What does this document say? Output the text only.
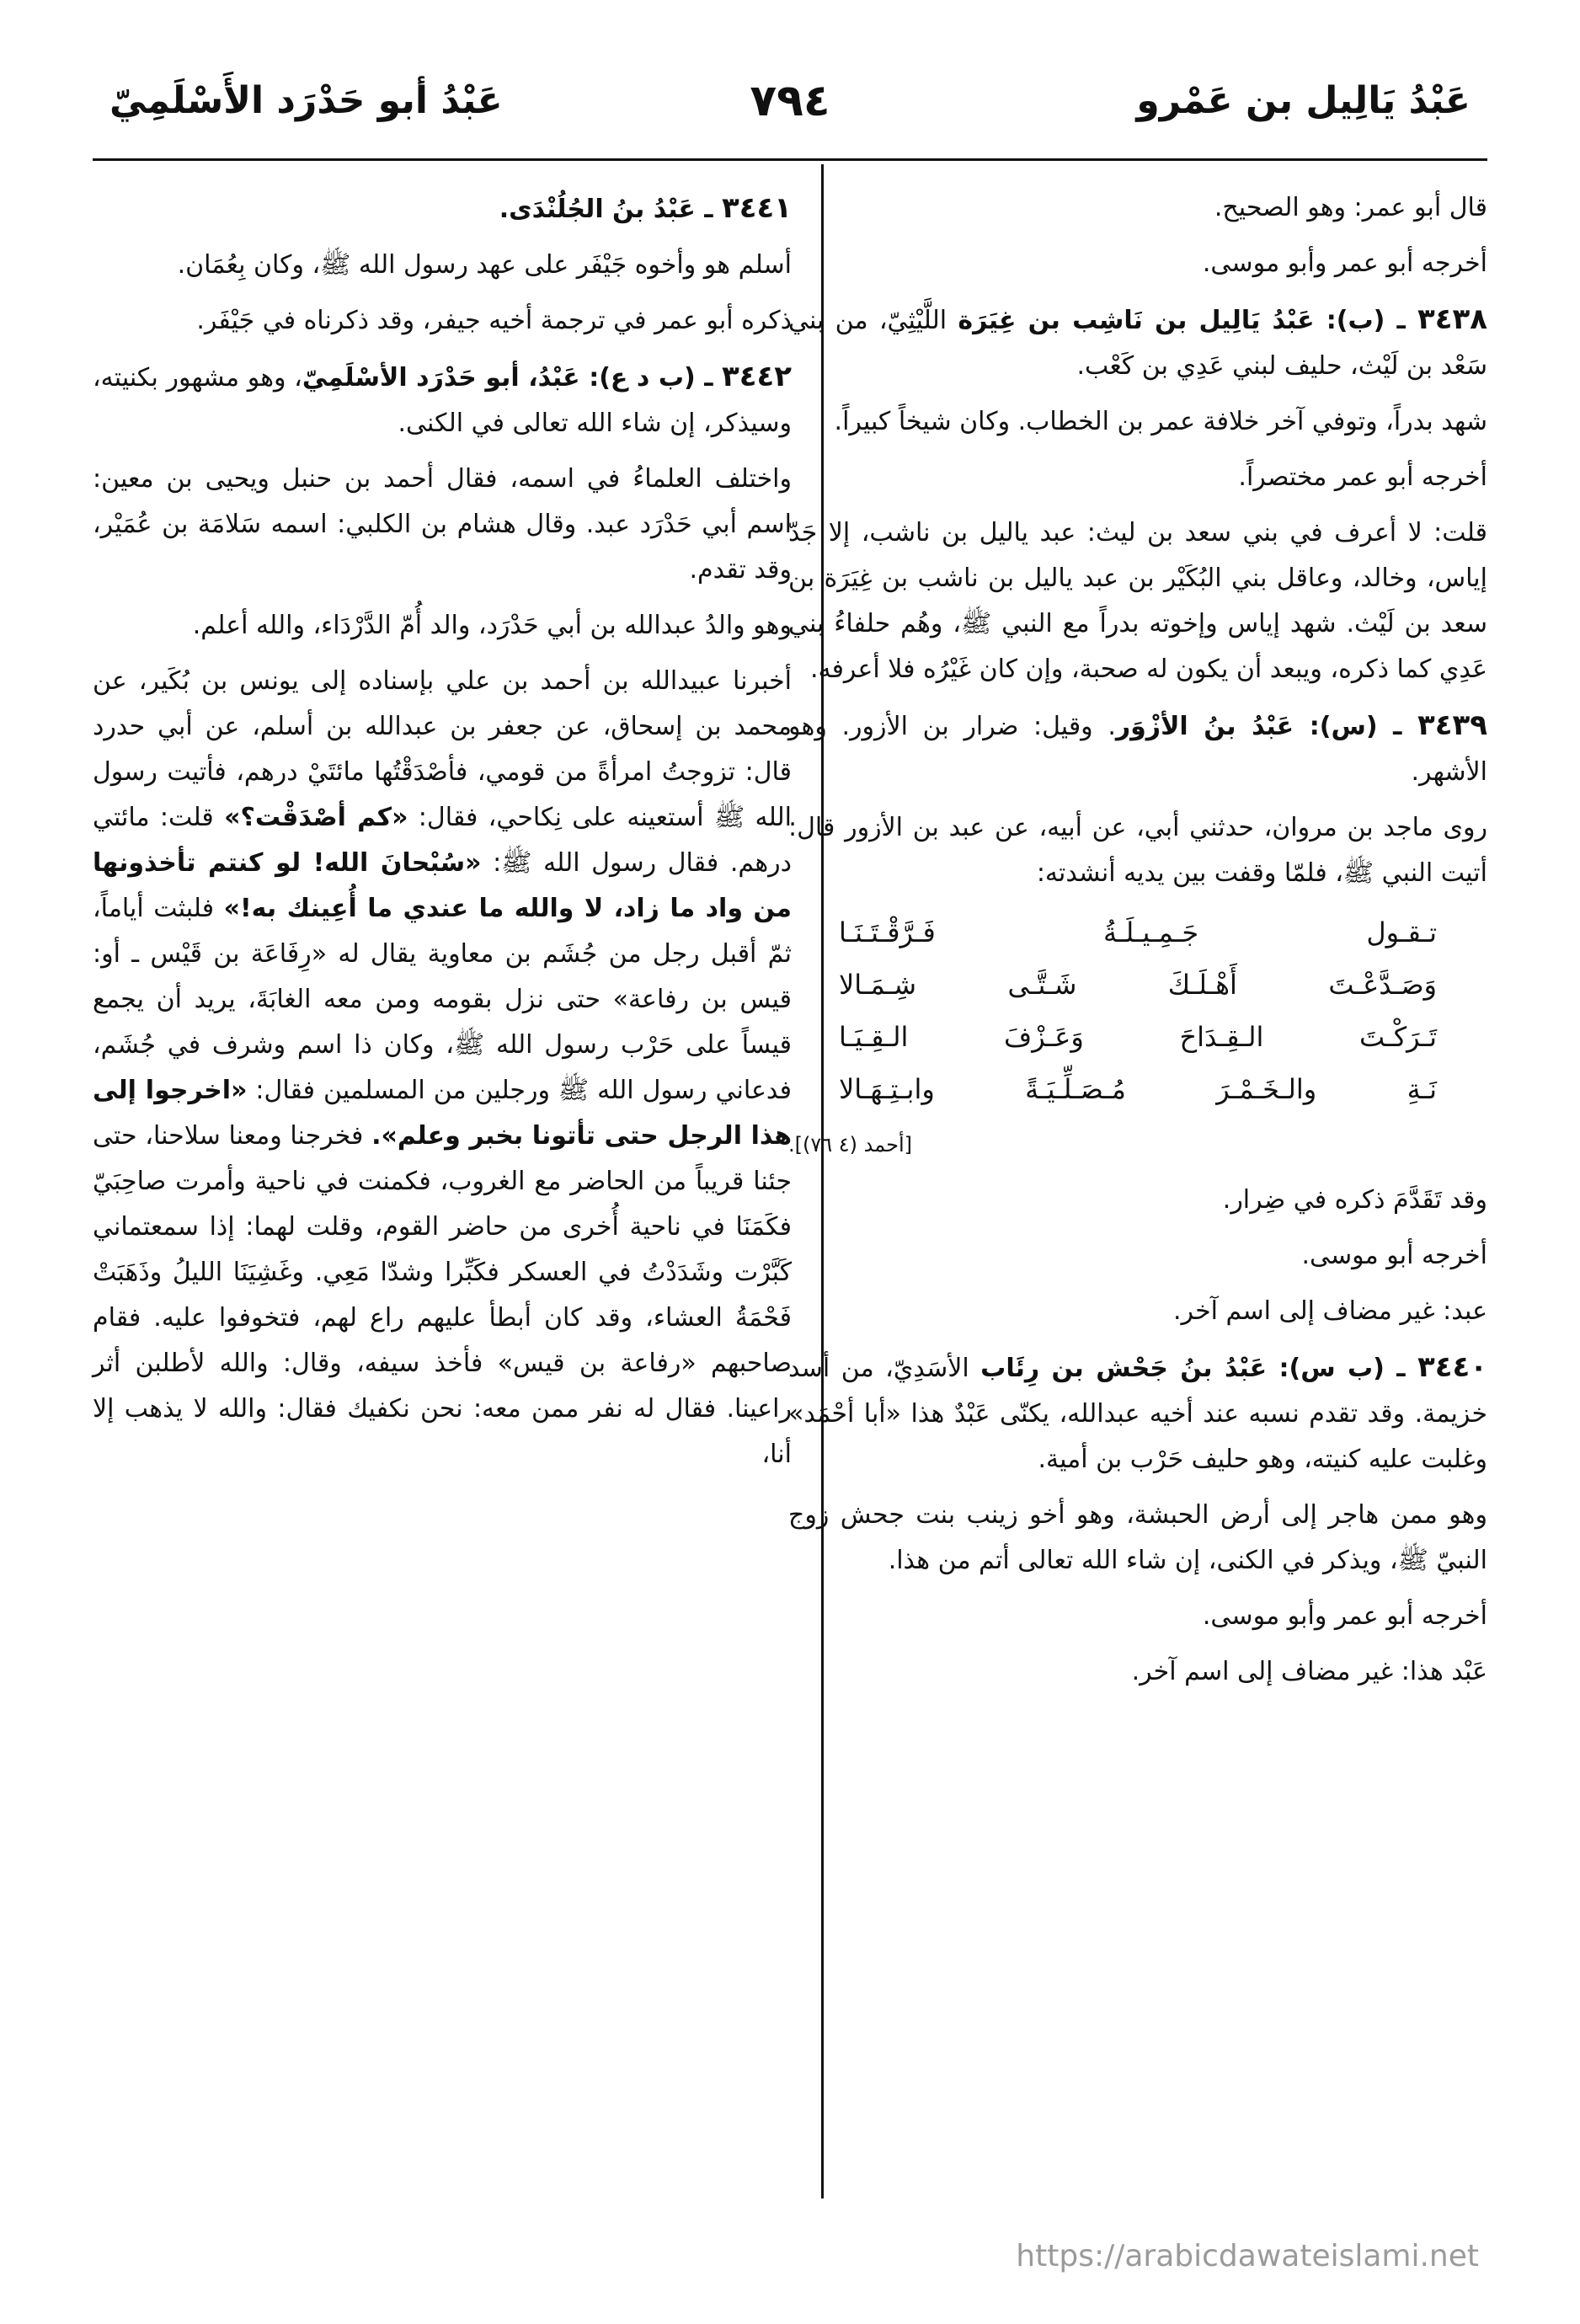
عَبْدُ يَالِيل بن عَمْرو
٧٩٤
عَبْدُ أبو حَدْرَد الأَسْلَمِيّ

قال أبو عمر: وهو الصحيح.

أخرجه أبو عمر وأبو موسى.

٣٤٣٨ ـ (ب): عَبْدُ يَالِيل بن نَاشِب بن غِيَرَة اللَّيْثِيّ، من بني سَعْد بن لَيْث، حليف لبني عَدِي بن كَعْب.

شهد بدراً، وتوفي آخر خلافة عمر بن الخطاب. وكان شيخاً كبيراً.

أخرجه أبو عمر مختصراً.

قلت: لا أعرف في بني سعد بن ليث: عبد ياليل بن ناشب، إلا جَدّ إياس، وخالد، وعاقل بني البُكَيْر بن عبد ياليل بن ناشب بن غِيَرَة بن سعد بن لَيْث. شهد إياس وإخوته بدراً مع النبي ﷺ، وهُم حلفاءُ بني عَدِي كما ذكره، ويبعد أن يكون له صحبة، وإن كان غَيْرُه فلا أعرفه.

٣٤٣٩ ـ (س): عَبْدُ بنُ الأزْوَر. وقيل: ضرار بن الأزور. وهو الأشهر.

روى ماجد بن مروان، حدثني أبي، عن أبيه، عن عبد بن الأزور قال: أتيت النبي ﷺ، فلمّا وقفت بين يديه أنشدته:

تـقـول جَـمِـيـلَـةُ فَـرَّقْـتَـنَـا
وَصَـدَّعْـتَ أَهْـلَـكَ شَـتَّـى شِـمَـالا
تَـرَكْـتَ الـقِـدَاحَ وَعَـزْفَ الـقِـيَـا
نَـةِ والـخَـمْـرَ مُـصَـلِّـيَـةً وابـتِـهَـالا

[أحمد (٤ ٧٦)].

وقد تَقَدَّمَ ذكره في ضِرار.

أخرجه أبو موسى.

عبد: غير مضاف إلى اسم آخر.

٣٤٤٠ ـ (ب س): عَبْدُ بنُ جَحْش بن رِئَاب الأسَدِيّ، من أسد خزيمة. وقد تقدم نسبه عند أخيه عبدالله، يكنّى عَبْدٌ هذا «أبا أحْمَد» وغلبت عليه كنيته، وهو حليف حَرْب بن أمية.

وهو ممن هاجر إلى أرض الحبشة، وهو أخو زينب بنت جحش زوج النبيّ ﷺ، ويذكر في الكنى، إن شاء الله تعالى أتم من هذا.

أخرجه أبو عمر وأبو موسى.

عَبْد هذا: غير مضاف إلى اسم آخر.

٣٤٤١ ـ عَبْدُ بنُ الجُلُنْدَى.

أسلم هو وأخوه جَيْفَر على عهد رسول الله ﷺ، وكان بِعُمَان.

ذكره أبو عمر في ترجمة أخيه جيفر، وقد ذكرناه في جَيْفَر.

٣٤٤٢ ـ (ب د ع): عَبْدُ، أبو حَدْرَد الأسْلَمِيّ، وهو مشهور بكنيته، وسيذكر، إن شاء الله تعالى في الكنى.

واختلف العلماءُ في اسمه، فقال أحمد بن حنبل ويحيى بن معين: اسم أبي حَدْرَد عبد. وقال هشام بن الكلبي: اسمه سَلامَة بن عُمَيْر، وقد تقدم.

وهو والدُ عبدالله بن أبي حَدْرَد، والد أُمّ الدَّرْدَاء، والله أعلم.

أخبرنا عبيدالله بن أحمد بن علي بإسناده إلى يونس بن بُكَير، عن محمد بن إسحاق، عن جعفر بن عبدالله بن أسلم، عن أبي حدرد قال: تزوجتُ امرأةً من قومي، فأصْدَقْتُها مائتَيْ درهم، فأتيت رسول الله ﷺ أستعينه على نِكاحي، فقال: «كم أصْدَقْت؟» قلت: مائتي درهم. فقال رسول الله ﷺ: «سُبْحانَ الله! لو كنتم تأخذونها من واد ما زاد، لا والله ما عندي ما أُعِينك به!» فلبثت أياماً، ثمّ أقبل رجل من جُشَم بن معاوية يقال له «رِفَاعَة بن قَيْس ـ أو: قيس بن رفاعة» حتى نزل بقومه ومن معه الغابَةَ، يريد أن يجمع قيساً على حَرْب رسول الله ﷺ، وكان ذا اسم وشرف في جُشَم، فدعاني رسول الله ﷺ ورجلين من المسلمين فقال: «اخرجوا إلى هذا الرجل حتى تأتونا بخبر وعلم». فخرجنا ومعنا سلاحنا، حتى جئنا قريباً من الحاضر مع الغروب، فكمنت في ناحية وأمرت صاحِبَيّ فكَمَنَا في ناحية أُخرى من حاضر القوم، وقلت لهما: إذا سمعتماني كَبَّرْت وشَدَدْتُ في العسكر فكَبِّرا وشدّا مَعِي. وغَشِيَنَا الليلُ وذَهَبَتْ فَحْمَةُ العشاء، وقد كان أبطأ عليهم راع لهم، فتخوفوا عليه. فقام صاحبهم «رفاعة بن قيس» فأخذ سيفه، وقال: والله لأطلبن أثر راعينا. فقال له نفر ممن معه: نحن نكفيك فقال: والله لا يذهب إلا أنا،

https://arabicdawateislami.net
